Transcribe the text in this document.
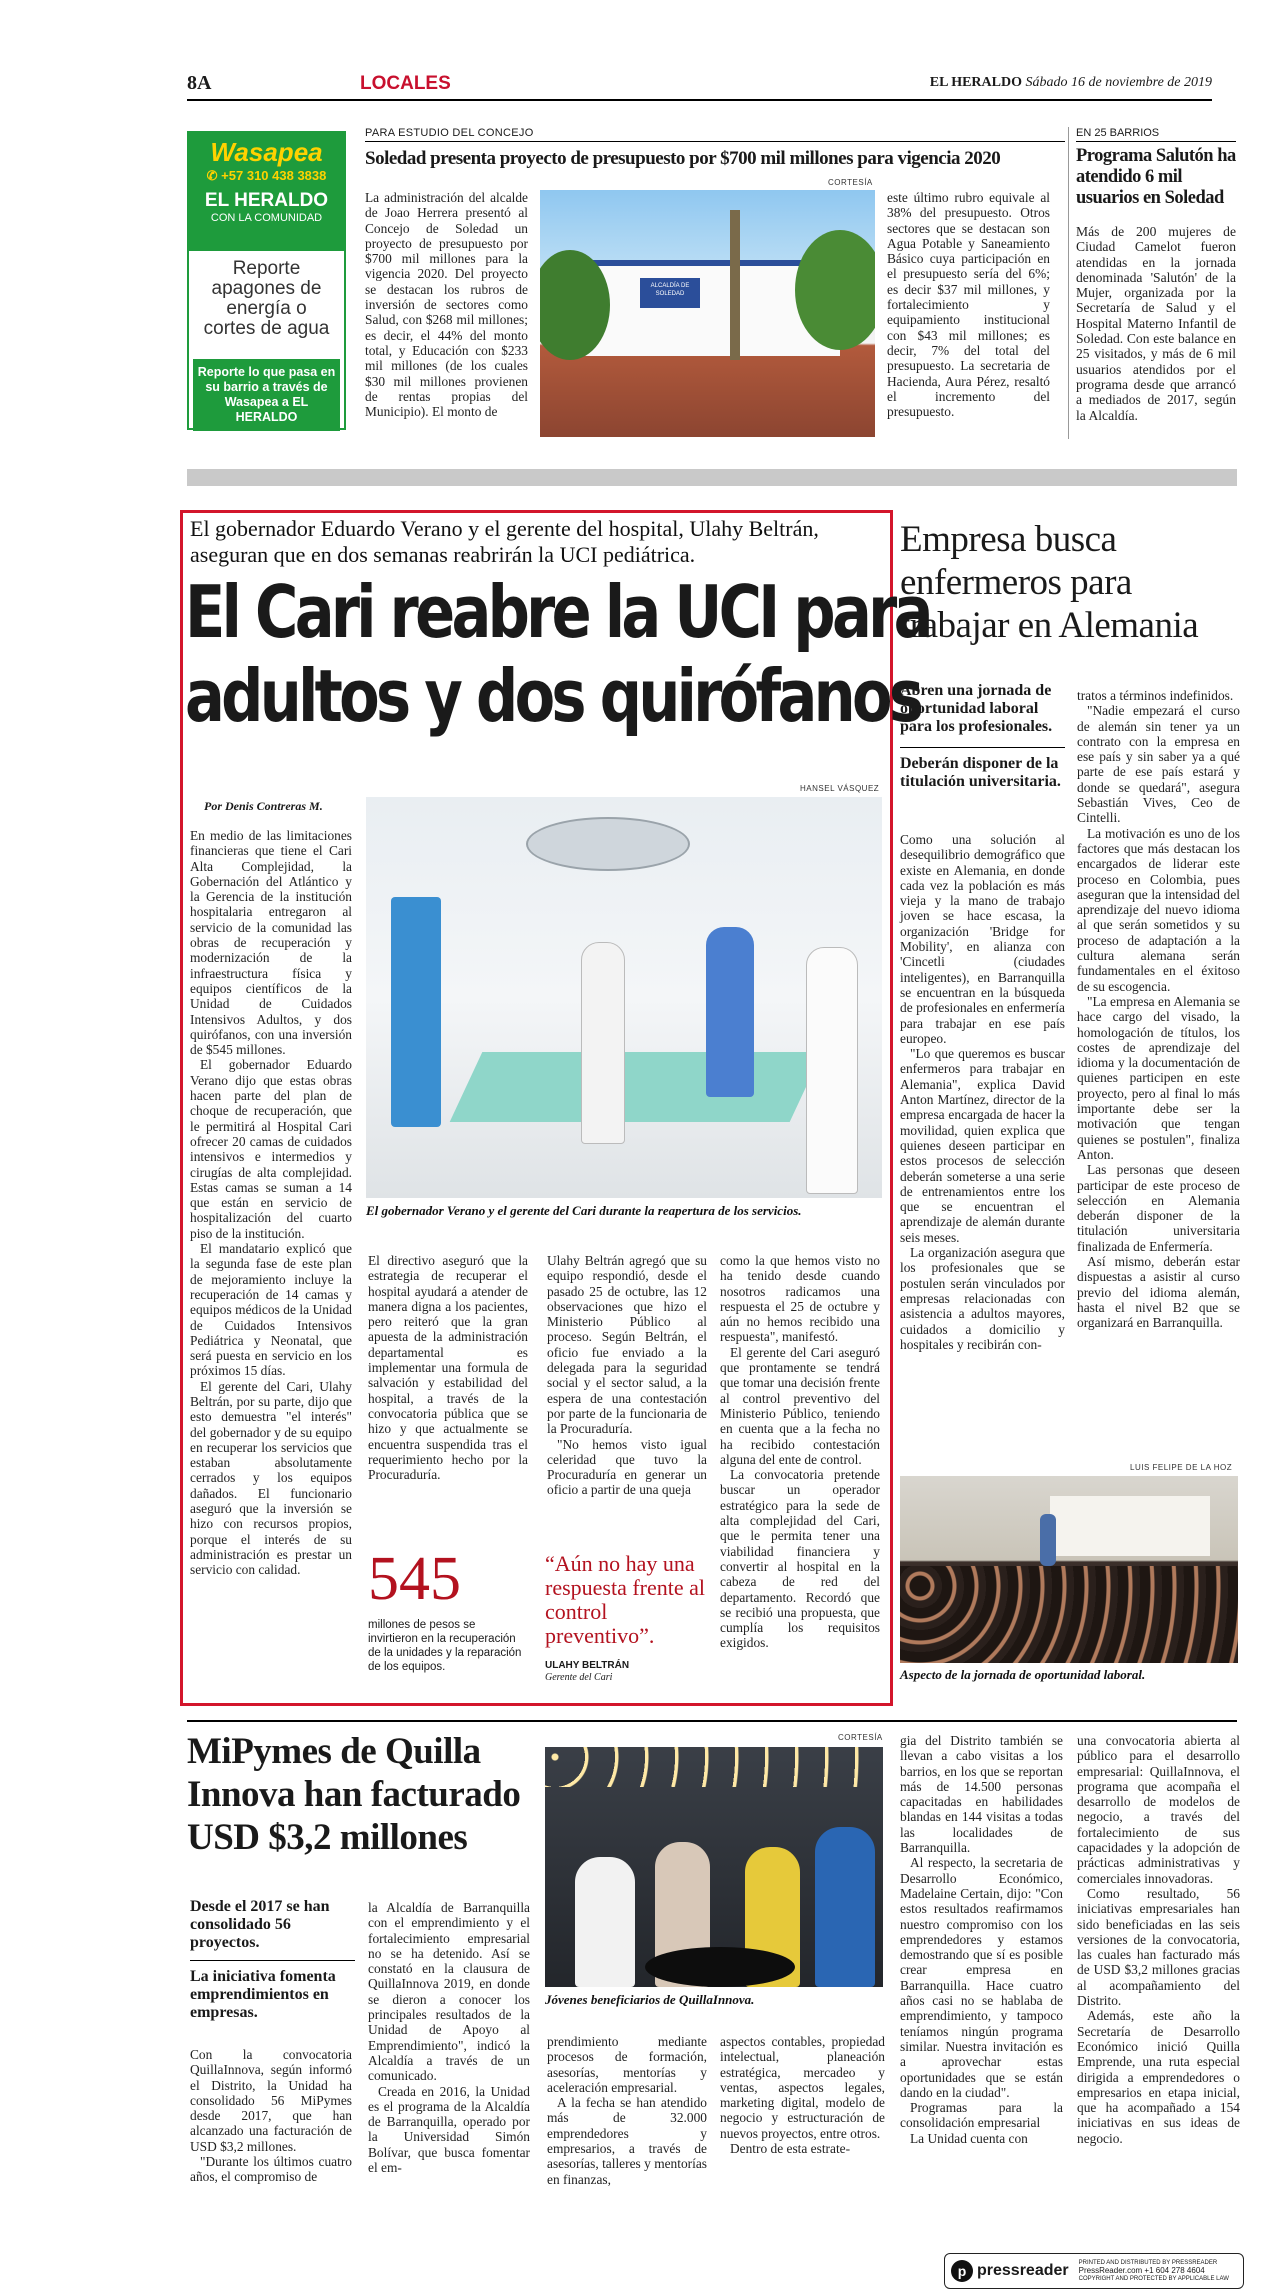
8A	LOCALES	EL HERALDO Sábado 16 de noviembre de 2019
Wasapea
✆ +57 310 438 3838
EL HERALDO
CON LA COMUNIDAD
Reporte apagones de energía o cortes de agua
Reporte lo que pasa en su barrio a través de Wasapea a EL HERALDO
PARA ESTUDIO DEL CONCEJO
Soledad presenta proyecto de presupuesto por $700 mil millones para vigencia 2020
CORTESÍA
La administración del alcalde de Joao Herrera presentó al Concejo de Soledad un proyecto de presupuesto por $700 mil millones para la vigencia 2020. Del proyecto se destacan los rubros de inversión de sectores como Salud, con $268 mil millones; es decir, el 44% del monto total, y Educación con $233 mil millones (de los cuales $30 mil millones provienen de rentas propias del Municipio). El monto de
ALCALDÍA DE SOLEDAD
este último rubro equivale al 38% del presupuesto. Otros sectores que se destacan son Agua Potable y Saneamiento Básico cuya participación en el presupuesto sería del 6%; es decir $37 mil millones, y fortalecimiento y equipamiento institucional con $43 mil millones; es decir, 7% del total del presupuesto. La secretaria de Hacienda, Aura Pérez, resaltó el incremento del presupuesto.
EN 25 BARRIOS
Programa Salutón ha atendido 6 mil usuarios en Soledad
Más de 200 mujeres de Ciudad Camelot fueron atendidas en la jornada denominada 'Salutón' de la Mujer, organizada por la Secretaría de Salud y el Hospital Materno Infantil de Soledad. Con este balance en 25 visitados, y más de 6 mil usuarios atendidos por el programa desde que arrancó a mediados de 2017, según la Alcaldía.
El gobernador Eduardo Verano y el gerente del hospital, Ulahy Beltrán, aseguran que en dos semanas reabrirán la UCI pediátrica.
El Cari reabre la UCI para
adultos y dos quirófanos
HANSEL VÁSQUEZ
Por Denis Contreras M.
El gobernador Verano y el gerente del Cari durante la reapertura de los servicios.

En medio de las limitaciones financieras que tiene el Cari Alta Complejidad, la Gobernación del Atlántico y la Gerencia de la institución hospitalaria entregaron al servicio de la comunidad las obras de recuperación y modernización de la infraestructura física y equipos científicos de la Unidad de Cuidados Intensivos Adultos, y dos quirófanos, con una inversión de $545 millones.

El gobernador Eduardo Verano dijo que estas obras hacen parte del plan de choque de recuperación, que le permitirá al Hospital Cari ofrecer 20 camas de cuidados intensivos e intermedios y cirugías de alta complejidad. Estas camas se suman a 14 que están en servicio de hospitalización del cuarto piso de la institución.

El mandatario explicó que la segunda fase de este plan de mejoramiento incluye la recuperación de 14 camas y equipos médicos de la Unidad de Cuidados Intensivos Pediátrica y Neonatal, que será puesta en servicio en los próximos 15 días.

El gerente del Cari, Ulahy Beltrán, por su parte, dijo que esto demuestra "el interés" del gobernador y de su equipo en recuperar los servicios que estaban absolutamente cerrados y los equipos dañados. El funcionario aseguró que la inversión se hizo con recursos propios, porque el interés de su administración es prestar un servicio con calidad.

El directivo aseguró que la estrategia de recuperar el hospital ayudará a atender de manera digna a los pacientes, pero reiteró que la gran apuesta de la administración departamental es implementar una formula de salvación y estabilidad del hospital, a través de la convocatoria pública que se hizo y que actualmente se encuentra suspendida tras el requerimiento hecho por la Procuraduría.

Ulahy Beltrán agregó que su equipo respondió, desde el pasado 25 de octubre, las 12 observaciones que hizo el Ministerio Público al proceso. Según Beltrán, el oficio fue enviado a la delegada para la seguridad social y el sector salud, a la espera de una contestación por parte de la funcionaria de la Procuraduría.

"No hemos visto igual celeridad que tuvo la Procuraduría en generar un oficio a partir de una queja

como la que hemos visto no ha tenido desde cuando nosotros radicamos una respuesta el 25 de octubre y aún no hemos recibido una respuesta", manifestó.

El gerente del Cari aseguró que prontamente se tendrá que tomar una decisión frente al control preventivo del Ministerio Público, teniendo en cuenta que a la fecha no ha recibido contestación alguna del ente de control.

La convocatoria pretende buscar un operador estratégico para la sede de alta complejidad del Cari, que le permita tener una viabilidad financiera y convertir al hospital en la cabeza de red del departamento. Recordó que se recibió una propuesta, que cumplía los requisitos exigidos.

545
millones de pesos se invirtieron en la recuperación de la unidades y la reparación de los equipos.
“Aún no hay una respuesta frente al control preventivo”.
ULAHY BELTRÁN
Gerente del Cari
Empresa busca enfermeros para trabajar en Alemania
Abren una jornada de oportunidad laboral para los profesionales.
Deberán disponer de la titulación universitaria.

Como una solución al desequilibrio demográfico que existe en Alemania, en donde cada vez la población es más vieja y la mano de trabajo joven se hace escasa, la organización 'Bridge for Mobility', en alianza con 'Cincetli (ciudades inteligentes), en Barranquilla se encuentran en la búsqueda de profesionales en enfermería para trabajar en ese país europeo.

"Lo que queremos es buscar enfermeros para trabajar en Alemania", explica David Anton Martínez, director de la empresa encargada de hacer la movilidad, quien explica que quienes deseen participar en estos procesos de selección deberán someterse a una serie de entrenamientos entre los que se encuentran el aprendizaje de alemán durante seis meses.

La organización asegura que los profesionales que se postulen serán vinculados por empresas relacionadas con asistencia a adultos mayores, cuidados a domicilio y hospitales y recibirán con-

tratos a términos indefinidos.

"Nadie empezará el curso de alemán sin tener ya un contrato con la empresa en ese país y sin saber ya a qué parte de ese país estará y donde se quedará", asegura Sebastián Vives, Ceo de Cintelli.

La motivación es uno de los factores que más destacan los encargados de liderar este proceso en Colombia, pues aseguran que la intensidad del aprendizaje del nuevo idioma al que serán sometidos y su proceso de adaptación a la cultura alemana serán fundamentales en el éxitoso de su escogencia.

"La empresa en Alemania se hace cargo del visado, la homologación de títulos, los costes de aprendizaje del idioma y la documentación de quienes participen en este proyecto, pero al final lo más importante debe ser la motivación que tengan quienes se postulen", finaliza Anton.

Las personas que deseen participar de este proceso de selección en Alemania deberán disponer de la titulación universitaria finalizada de Enfermería.

Así mismo, deberán estar dispuestas a asistir al curso previo del idioma alemán, hasta el nivel B2 que se organizará en Barranquilla.

LUIS FELIPE DE LA HOZ
Aspecto de la jornada de oportunidad laboral.
MiPymes de Quilla Innova han facturado USD $3,2 millones
Desde el 2017 se han consolidado 56 proyectos.
La iniciativa fomenta emprendimientos en empresas.
CORTESÍA
Jóvenes beneficiarios de QuillaInnova.

Con la convocatoria QuillaInnova, según informó el Distrito, la Unidad ha consolidado 56 MiPymes desde 2017, que han alcanzado una facturación de USD $3,2 millones.

"Durante los últimos cuatro años, el compromiso de

la Alcaldía de Barranquilla con el emprendimiento y el fortalecimiento empresarial no se ha detenido. Así se constató en la clausura de QuillaInnova 2019, en donde se dieron a conocer los principales resultados de la Unidad de Apoyo al Emprendimiento", indicó la Alcaldía a través de un comunicado.

Creada en 2016, la Unidad es el programa de la Alcaldía de Barranquilla, operado por la Universidad Simón Bolívar, que busca fomentar el em-

prendimiento mediante procesos de formación, asesorías, mentorías y aceleración empresarial.

A la fecha se han atendido más de 32.000 emprendedores y empresarios, a través de asesorías, talleres y mentorías en finanzas,

aspectos contables, propiedad intelectual, planeación estratégica, mercadeo y ventas, aspectos legales, marketing digital, modelo de negocio y estructuración de nuevos proyectos, entre otros.

Dentro de esta estrate-

gia del Distrito también se llevan a cabo visitas a los barrios, en los que se reportan más de 14.500 personas capacitadas en habilidades blandas en 144 visitas a todas las localidades de Barranquilla.

Al respecto, la secretaria de Desarrollo Económico, Madelaine Certain, dijo: "Con estos resultados reafirmamos nuestro compromiso con los emprendedores y estamos demostrando que sí es posible crear empresa en Barranquilla. Hace cuatro años casi no se hablaba de emprendimiento, y tampoco teníamos ningún programa similar. Nuestra invitación es a aprovechar estas oportunidades que se están dando en la ciudad".

Programas para la consolidación empresarial

La Unidad cuenta con

una convocatoria abierta al público para el desarrollo empresarial: QuillaInnova, el programa que acompaña el desarrollo de modelos de negocio, a través del fortalecimiento de sus capacidades y la adopción de prácticas administrativas y comerciales innovadoras.

Como resultado, 56 iniciativas empresariales han sido beneficiadas en las seis versiones de la convocatoria, las cuales han facturado más de USD $3,2 millones gracias al acompañamiento del Distrito.

Además, este año la Secretaría de Desarrollo Económico inició Quilla Emprende, una ruta especial dirigida a emprendedores o empresarios en etapa inicial, que ha acompañado a 154 iniciativas en sus ideas de negocio.

p pressreader PRINTED AND DISTRIBUTED BY PRESSREADER
PressReader.com +1 604 278 4604
COPYRIGHT AND PROTECTED BY APPLICABLE LAW
